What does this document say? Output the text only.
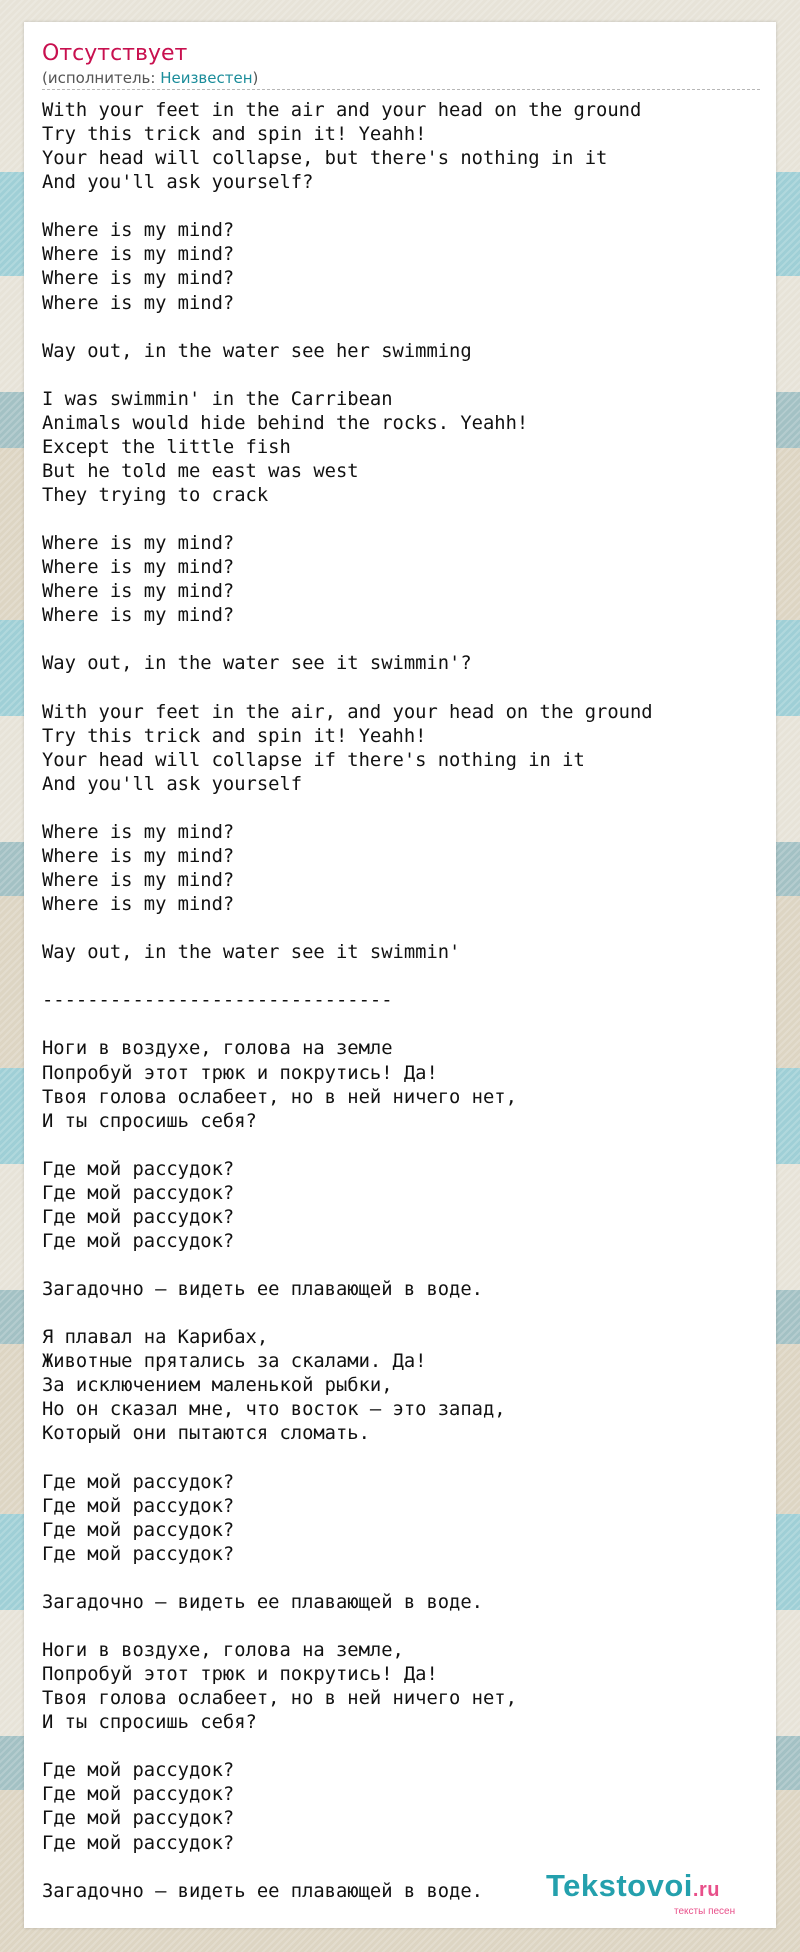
Отсутствует
(исполнитель: Неизвестен)
With your feet in the air and your head on the ground
Try this trick and spin it! Yeahh!
Your head will collapse, but there's nothing in it
And you'll ask yourself?

Where is my mind?
Where is my mind?
Where is my mind?
Where is my mind?

Way out, in the water see her swimming

I was swimmin' in the Carribean
Animals would hide behind the rocks. Yeahh!
Except the little fish
But he told me east was west
They trying to crack

Where is my mind?
Where is my mind?
Where is my mind?
Where is my mind?

Way out, in the water see it swimmin'?

With your feet in the air, and your head on the ground
Try this trick and spin it! Yeahh!
Your head will collapse if there's nothing in it
And you'll ask yourself

Where is my mind?
Where is my mind?
Where is my mind?
Where is my mind?

Way out, in the water see it swimmin'

-------------------------------

Ноги в воздухе, голова на земле
Попробуй этот трюк и покрутись! Да!
Твоя голова ослабеет, но в ней ничего нет,
И ты спросишь себя?

Где мой рассудок?
Где мой рассудок?
Где мой рассудок?
Где мой рассудок?

Загадочно — видеть ее плавающей в воде.

Я плавал на Карибах,
Животные прятались за скалами. Да!
За исключением маленькой рыбки,
Но он сказал мне, что восток — это запад,
Который они пытаются сломать.

Где мой рассудок?
Где мой рассудок?
Где мой рассудок?
Где мой рассудок?

Загадочно — видеть ее плавающей в воде.

Ноги в воздухе, голова на земле,
Попробуй этот трюк и покрутись! Да!
Твоя голова ослабеет, но в ней ничего нет,
И ты спросишь себя?

Где мой рассудок?
Где мой рассудок?
Где мой рассудок?
Где мой рассудок?

Загадочно — видеть ее плавающей в воде.	Tekstovoi.ru
тексты песен
